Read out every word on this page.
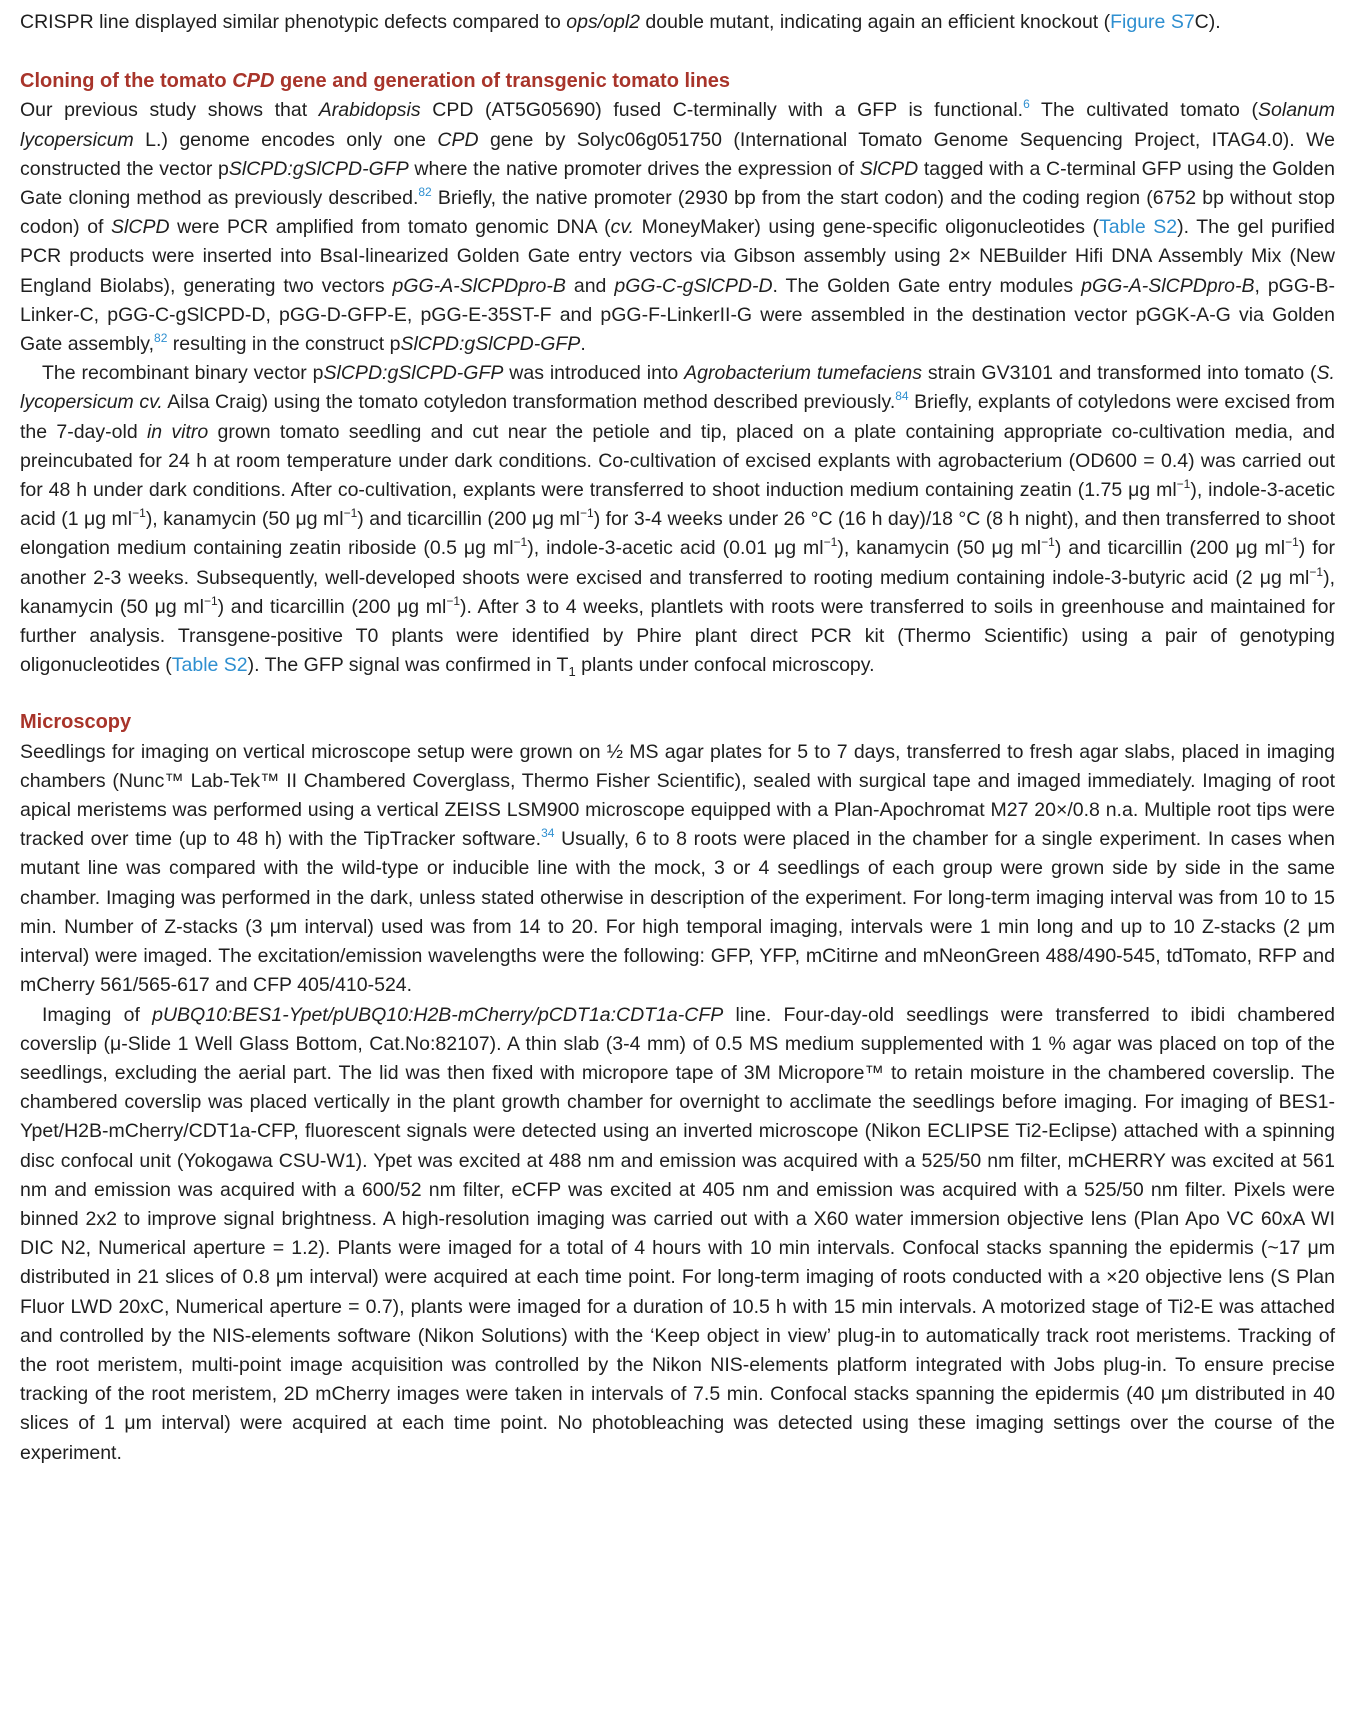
CRISPR line displayed similar phenotypic defects compared to ops/opl2 double mutant, indicating again an efficient knockout (Figure S7C).

Cloning of the tomato CPD gene and generation of transgenic tomato lines

Our previous study shows that Arabidopsis CPD (AT5G05690) fused C-terminally with a GFP is functional.$^6$ The cultivated tomato (Solanum lycopersicum L.) genome encodes only one CPD gene by Solyc06g051750 (International Tomato Genome Sequencing Project, ITAG4.0). We constructed the vector pSlCPD:gSlCPD-GFP where the native promoter drives the expression of SlCPD tagged with a C-terminal GFP using the Golden Gate cloning method as previously described.$^{82}$ Briefly, the native promoter (2930 bp from the start codon) and the coding region (6752 bp without stop codon) of SlCPD were PCR amplified from tomato genomic DNA (cv. MoneyMaker) using gene-specific oligonucleotides (Table S2). The gel purified PCR products were inserted into BsaI-linearized Golden Gate entry vectors via Gibson assembly using 2× NEBuilder Hifi DNA Assembly Mix (New England Biolabs), generating two vectors pGG-A-SlCPDpro-B and pGG-C-gSlCPD-D. The Golden Gate entry modules pGG-A-SlCPDpro-B, pGG-B-Linker-C, pGG-C-gSlCPD-D, pGG-D-GFP-E, pGG-E-35ST-F and pGG-F-LinkerII-G were assembled in the destination vector pGGK-A-G via Golden Gate assembly,$^{82}$ resulting in the construct pSlCPD:gSlCPD-GFP.

The recombinant binary vector pSlCPD:gSlCPD-GFP was introduced into Agrobacterium tumefaciens strain GV3101 and transformed into tomato (S. lycopersicum cv. Ailsa Craig) using the tomato cotyledon transformation method described previously.$^{84}$ Briefly, explants of cotyledons were excised from the 7-day-old in vitro grown tomato seedling and cut near the petiole and tip, placed on a plate containing appropriate co-cultivation media, and preincubated for 24 h at room temperature under dark conditions. Co-cultivation of excised explants with agrobacterium (OD600 = 0.4) was carried out for 48 h under dark conditions. After co-cultivation, explants were transferred to shoot induction medium containing zeatin (1.75 μg $ml^{-1}$), indole-3-acetic acid (1 μg $ml^{-1}$), kanamycin (50 μg $ml^{-1}$) and ticarcillin (200 μg $ml^{-1}$) for 3-4 weeks under 26 °C (16 h day)/18 °C (8 h night), and then transferred to shoot elongation medium containing zeatin riboside (0.5 μg $ml^{-1}$), indole-3-acetic acid (0.01 μg $ml^{-1}$), kanamycin (50 μg $ml^{-1}$) and ticarcillin (200 μg $ml^{-1}$) for another 2-3 weeks. Subsequently, well-developed shoots were excised and transferred to rooting medium containing indole-3-butyric acid (2 μg $ml^{-1}$), kanamycin (50 μg $ml^{-1}$) and ticarcillin (200 μg $ml^{-1}$). After 3 to 4 weeks, plantlets with roots were transferred to soils in greenhouse and maintained for further analysis. Transgene-positive T0 plants were identified by Phire plant direct PCR kit (Thermo Scientific) using a pair of genotyping oligonucleotides (Table S2). The GFP signal was confirmed in $T_1$ plants under confocal microscopy.

Microscopy

Seedlings for imaging on vertical microscope setup were grown on ½ MS agar plates for 5 to 7 days, transferred to fresh agar slabs, placed in imaging chambers (Nunc™ Lab-Tek™ II Chambered Coverglass, Thermo Fisher Scientific), sealed with surgical tape and imaged immediately. Imaging of root apical meristems was performed using a vertical ZEISS LSM900 microscope equipped with a Plan-Apochromat M27 20×/0.8 n.a. Multiple root tips were tracked over time (up to 48 h) with the TipTracker software.$^{34}$ Usually, 6 to 8 roots were placed in the chamber for a single experiment. In cases when mutant line was compared with the wild-type or inducible line with the mock, 3 or 4 seedlings of each group were grown side by side in the same chamber. Imaging was performed in the dark, unless stated otherwise in description of the experiment. For long-term imaging interval was from 10 to 15 min. Number of Z-stacks (3 μm interval) used was from 14 to 20. For high temporal imaging, intervals were 1 min long and up to 10 Z-stacks (2 μm interval) were imaged. The excitation/emission wavelengths were the following: GFP, YFP, mCitirne and mNeonGreen 488/490-545, tdTomato, RFP and mCherry 561/565-617 and CFP 405/410-524.

Imaging of pUBQ10:BES1-Ypet/pUBQ10:H2B-mCherry/pCDT1a:CDT1a-CFP line. Four-day-old seedlings were transferred to ibidi chambered coverslip (μ-Slide 1 Well Glass Bottom, Cat.No:82107). A thin slab (3-4 mm) of 0.5 MS medium supplemented with 1 % agar was placed on top of the seedlings, excluding the aerial part. The lid was then fixed with micropore tape of 3M Micropore™ to retain moisture in the chambered coverslip. The chambered coverslip was placed vertically in the plant growth chamber for overnight to acclimate the seedlings before imaging. For imaging of BES1-Ypet/H2B-mCherry/CDT1a-CFP, fluorescent signals were detected using an inverted microscope (Nikon ECLIPSE Ti2-Eclipse) attached with a spinning disc confocal unit (Yokogawa CSU-W1). Ypet was excited at 488 nm and emission was acquired with a 525/50 nm filter, mCHERRY was excited at 561 nm and emission was acquired with a 600/52 nm filter, eCFP was excited at 405 nm and emission was acquired with a 525/50 nm filter. Pixels were binned 2x2 to improve signal brightness. A high-resolution imaging was carried out with a X60 water immersion objective lens (Plan Apo VC 60xA WI DIC N2, Numerical aperture = 1.2). Plants were imaged for a total of 4 hours with 10 min intervals. Confocal stacks spanning the epidermis (~17 μm distributed in 21 slices of 0.8 μm interval) were acquired at each time point. For long-term imaging of roots conducted with a ×20 objective lens (S Plan Fluor LWD 20xC, Numerical aperture = 0.7), plants were imaged for a duration of 10.5 h with 15 min intervals. A motorized stage of Ti2-E was attached and controlled by the NIS-elements software (Nikon Solutions) with the ‘Keep object in view’ plug-in to automatically track root meristems. Tracking of the root meristem, multi-point image acquisition was controlled by the Nikon NIS-elements platform integrated with Jobs plug-in. To ensure precise tracking of the root meristem, 2D mCherry images were taken in intervals of 7.5 min. Confocal stacks spanning the epidermis (40 μm distributed in 40 slices of 1 μm interval) were acquired at each time point. No photobleaching was detected using these imaging settings over the course of the experiment.
